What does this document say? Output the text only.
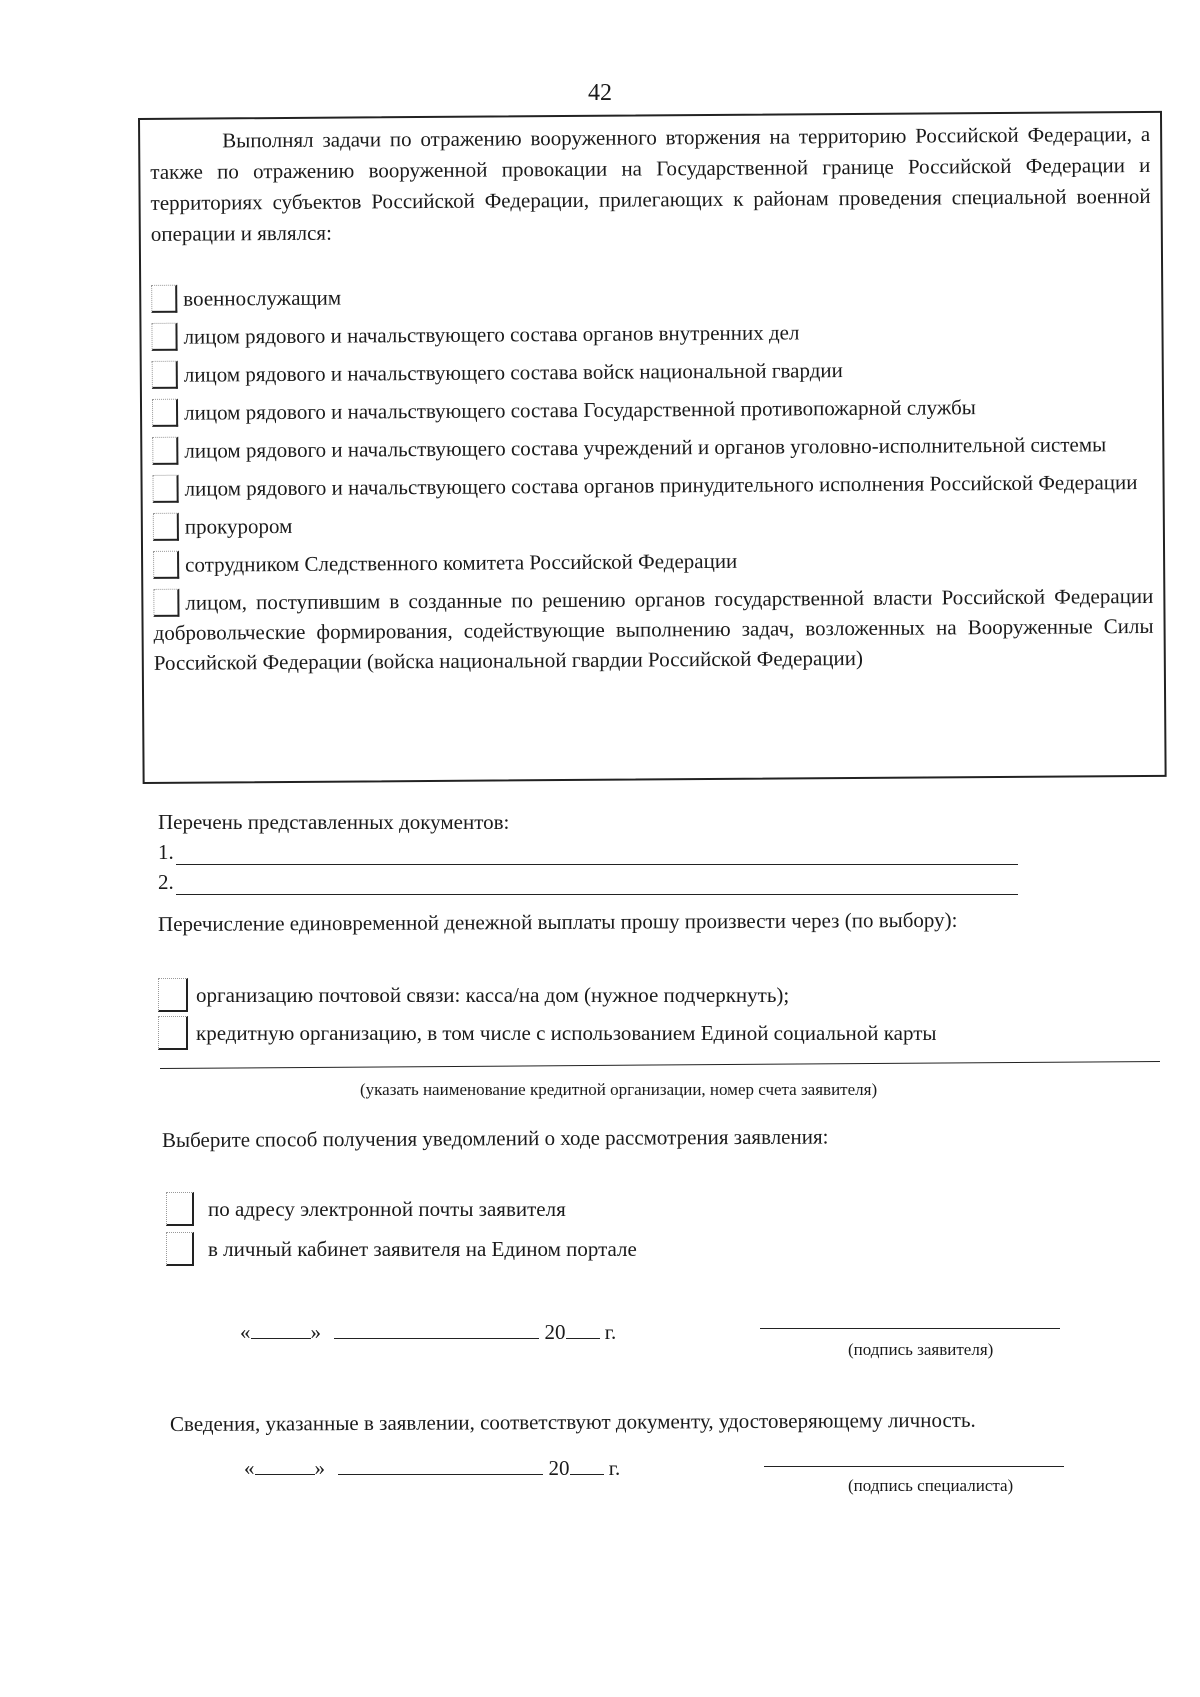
42

Выполнял задачи по отражению вооруженного вторжения на территорию Российской Федерации, а также по отражению вооруженной провокации на Государственной границе Российской Федерации и территориях субъектов Российской Федерации, прилегающих к районам проведения специальной военной операции и являлся:

военнослужащим
лицом рядового и начальствующего состава органов внутренних дел
лицом рядового и начальствующего состава войск национальной гвардии
лицом рядового и начальствующего состава Государственной противопожарной службы
лицом рядового и начальствующего состава учреждений и органов уголовно-исполнительной системы
лицом рядового и начальствующего состава органов принудительного исполнения Российской Федерации
прокурором
сотрудником Следственного комитета Российской Федерации
лицом, поступившим в созданные по решению органов государственной власти Российской Федерации добровольческие формирования, содействующие выполнению задач, возложенных на Вооруженные Силы Российской Федерации (войска национальной гвардии Российской Федерации)
Перечень представленных документов:
1.
2.
Перечисление единовременной денежной выплаты прошу произвести через (по выбору):
организацию почтовой связи: касса/на дом (нужное подчеркнуть);
кредитную организацию, в том числе с использованием Единой социальной карты
(указать наименование кредитной организации, номер счета заявителя)
Выберите способ получения уведомлений о ходе рассмотрения заявления:
по адресу электронной почты заявителя
в личный кабинет заявителя на Едином портале
«	»	20 г.
(подпись заявителя)
Сведения, указанные в заявлении, соответствуют документу, удостоверяющему личность.
«	»	20 г.
(подпись специалиста)
